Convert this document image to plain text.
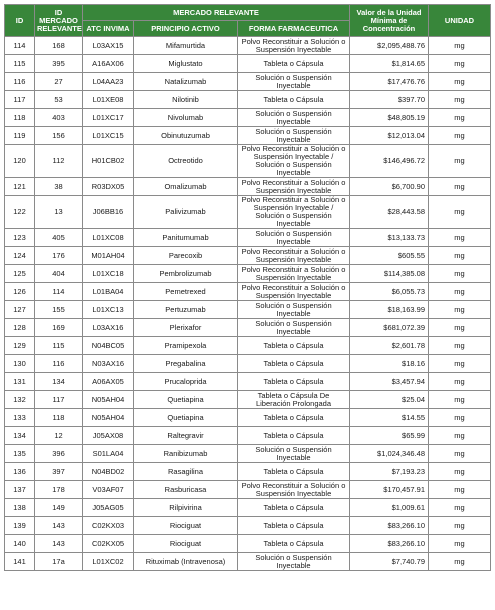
ID	ID MERCADO RELEVANTE	MERCADO RELEVANTE			Valor de la Unidad Mínima de Concentración	UNIDAD
		ATC INVIMA	PRINCIPIO ACTIVO	FORMA FARMACEUTICA		
114	168	L03AX15	Mifamurtida	Polvo Reconstituir a Solución o Suspensión Inyectable	$2,095,488.76	mg
115	395	A16AX06	Miglustato	Tableta o Cápsula	$1,814.65	mg
116	27	L04AA23	Natalizumab	Solución o Suspensión Inyectable	$17,476.76	mg
117	53	L01XE08	Nilotinib	Tableta o Cápsula	$397.70	mg
118	403	L01XC17	Nivolumab	Solución o Suspensión Inyectable	$48,805.19	mg
119	156	L01XC15	Obinutuzumab	Solución o Suspensión Inyectable	$12,013.04	mg
120	112	H01CB02	Octreotido	Polvo Reconstituir a Solución o Suspensión Inyectable / Solución o Suspensión Inyectable	$146,496.72	mg
121	38	R03DX05	Omalizumab	Polvo Reconstituir a Solución o Suspensión Inyectable	$6,700.90	mg
122	13	J06BB16	Palivizumab	Polvo Reconstituir a Solución o Suspensión Inyectable / Solución o Suspensión Inyectable	$28,443.58	mg
123	405	L01XC08	Panitumumab	Solución o Suspensión Inyectable	$13,133.73	mg
124	176	M01AH04	Parecoxib	Polvo Reconstituir a Solución o Suspensión Inyectable	$605.55	mg
125	404	L01XC18	Pembrolizumab	Polvo Reconstituir a Solución o Suspensión Inyectable	$114,385.08	mg
126	114	L01BA04	Pemetrexed	Polvo Reconstituir a Solución o Suspensión Inyectable	$6,055.73	mg
127	155	L01XC13	Pertuzumab	Solución o Suspensión Inyectable	$18,163.99	mg
128	169	L03AX16	Plerixafor	Solución o Suspensión Inyectable	$681,072.39	mg
129	115	N04BC05	Pramipexola	Tableta o Cápsula	$2,601.78	mg
130	116	N03AX16	Pregabalina	Tableta o Cápsula	$18.16	mg
131	134	A06AX05	Prucaloprida	Tableta o Cápsula	$3,457.94	mg
132	117	N05AH04	Quetiapina	Tableta o Cápsula De Liberación Prolongada	$25.04	mg
133	118	N05AH04	Quetiapina	Tableta o Cápsula	$14.55	mg
134	12	J05AX08	Raltegravir	Tableta o Cápsula	$65.99	mg
135	396	S01LA04	Ranibizumab	Solución o Suspensión Inyectable	$1,024,346.48	mg
136	397	N04BD02	Rasagilina	Tableta o Cápsula	$7,193.23	mg
137	178	V03AF07	Rasburicasa	Polvo Reconstituir a Solución o Suspensión Inyectable	$170,457.91	mg
138	149	J05AG05	Rilpivirina	Tableta o Cápsula	$1,009.61	mg
139	143	C02KX03	Riociguat	Tableta o Cápsula	$83,266.10	mg
140	143	C02KX05	Riociguat	Tableta o Cápsula	$83,266.10	mg
141	17a	L01XC02	Rituximab (Intravenosa)	Solución o Suspensión Inyectable	$7,740.79	mg
